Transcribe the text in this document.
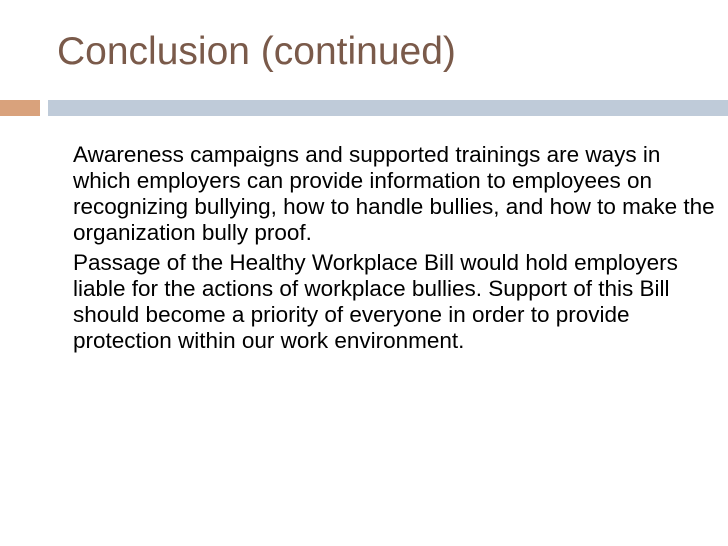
Conclusion (continued)

Awareness campaigns and supported trainings are ways in which employers can provide information to employees on recognizing bullying, how to handle bullies, and how to make the organization bully proof.

Passage of the Healthy Workplace Bill would hold employers liable for the actions of workplace bullies. Support of this Bill should become a priority of everyone in order to provide protection within our work environment.
